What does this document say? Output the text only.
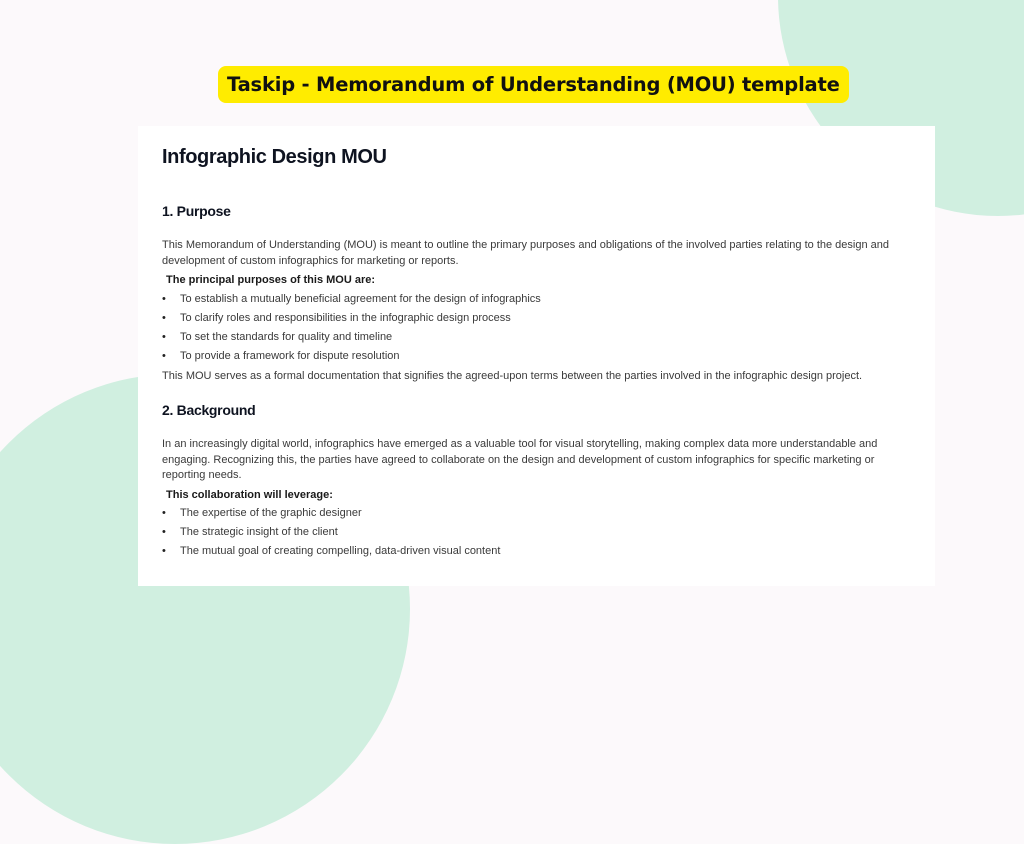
Taskip - Memorandum of Understanding (MOU) template
Infographic Design MOU
1. Purpose

This Memorandum of Understanding (MOU) is meant to outline the primary purposes and obligations of the involved parties relating to the design and development of custom infographics for marketing or reports.

The principal purposes of this MOU are:

• To establish a mutually beneficial agreement for the design of infographics
• To clarify roles and responsibilities in the infographic design process
• To set the standards for quality and timeline
• To provide a framework for dispute resolution

This MOU serves as a formal documentation that signifies the agreed-upon terms between the parties involved in the infographic design project.

2. Background

In an increasingly digital world, infographics have emerged as a valuable tool for visual storytelling, making complex data more understandable and engaging. Recognizing this, the parties have agreed to collaborate on the design and development of custom infographics for specific marketing or reporting needs.

This collaboration will leverage:

• The expertise of the graphic designer
• The strategic insight of the client
• The mutual goal of creating compelling, data-driven visual content
